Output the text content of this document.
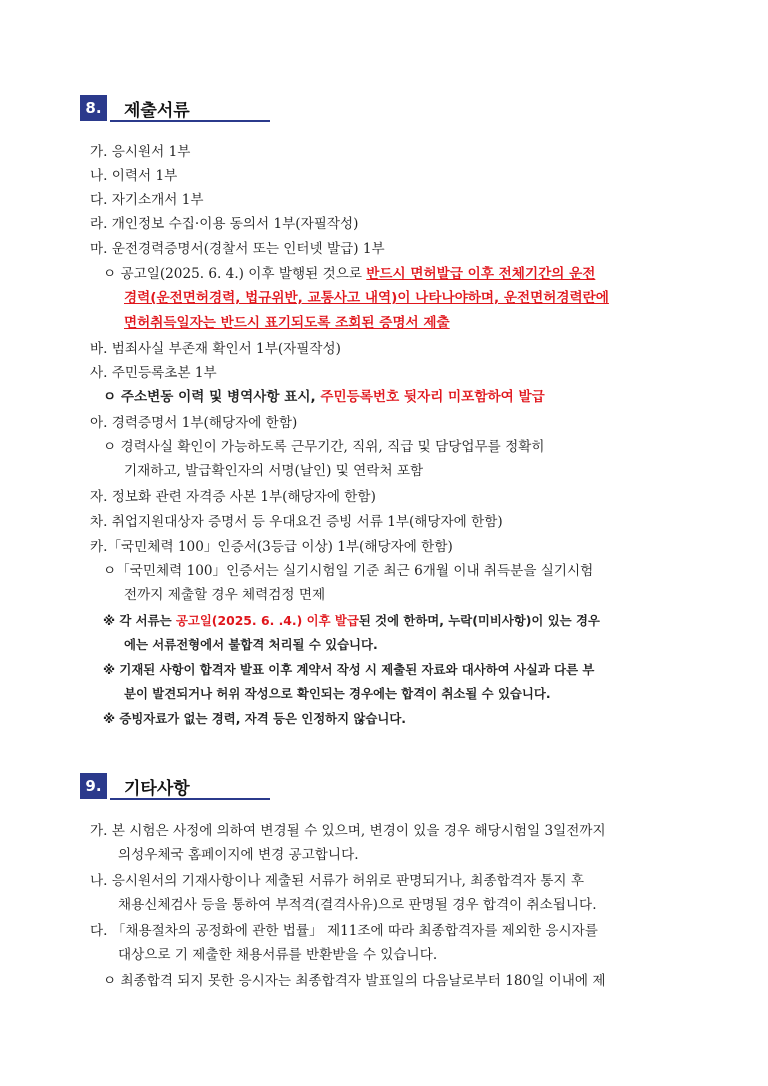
8.	제출서류
가. 응시원서 1부
나. 이력서 1부
다. 자기소개서 1부
라. 개인정보 수집·이용 동의서 1부(자필작성)
마. 운전경력증명서(경찰서 또는 인터넷 발급) 1부
ㅇ 공고일(2025. 6. 4.) 이후 발행된 것으로 반드시 면허발급 이후 전체기간의 운전
경력(운전면허경력, 법규위반, 교통사고 내역)이 나타나야하며, 운전면허경력란에
면허취득일자는 반드시 표기되도록 조회된 증명서 제출
바. 범죄사실 부존재 확인서 1부(자필작성)
사. 주민등록초본 1부
ㅇ 주소변동 이력 및 병역사항 표시, 주민등록번호 뒷자리 미포함하여 발급
아. 경력증명서 1부(해당자에 한함)
ㅇ 경력사실 확인이 가능하도록 근무기간, 직위, 직급 및 담당업무를 정확히
기재하고, 발급확인자의 서명(날인) 및 연락처 포함
자. 정보화 관련 자격증 사본 1부(해당자에 한함)
차. 취업지원대상자 증명서 등 우대요건 증빙 서류 1부(해당자에 한함)
카.「국민체력 100」인증서(3등급 이상) 1부(해당자에 한함)
ㅇ「국민체력 100」인증서는 실기시험일 기준 최근 6개월 이내 취득분을 실기시험
전까지 제출할 경우 체력검정 면제
※ 각 서류는 공고일(2025. 6. .4.) 이후 발급된 것에 한하며, 누락(미비사항)이 있는 경우
에는 서류전형에서 불합격 처리될 수 있습니다.
※ 기재된 사항이 합격자 발표 이후 계약서 작성 시 제출된 자료와 대사하여 사실과 다른 부
분이 발견되거나 허위 작성으로 확인되는 경우에는 합격이 취소될 수 있습니다.
※ 증빙자료가 없는 경력, 자격 등은 인정하지 않습니다.
9.	기타사항
가. 본 시험은 사정에 의하여 변경될 수 있으며, 변경이 있을 경우 해당시험일 3일전까지
의성우체국 홈페이지에 변경 공고합니다.
나. 응시원서의 기재사항이나 제출된 서류가 허위로 판명되거나, 최종합격자 통지 후
채용신체검사 등을 통하여 부적격(결격사유)으로 판명될 경우 합격이 취소됩니다.
다. 「채용절차의 공정화에 관한 법률」 제11조에 따라 최종합격자를 제외한 응시자를
대상으로 기 제출한 채용서류를 반환받을 수 있습니다.
ㅇ 최종합격 되지 못한 응시자는 최종합격자 발표일의 다음날로부터 180일 이내에 제
